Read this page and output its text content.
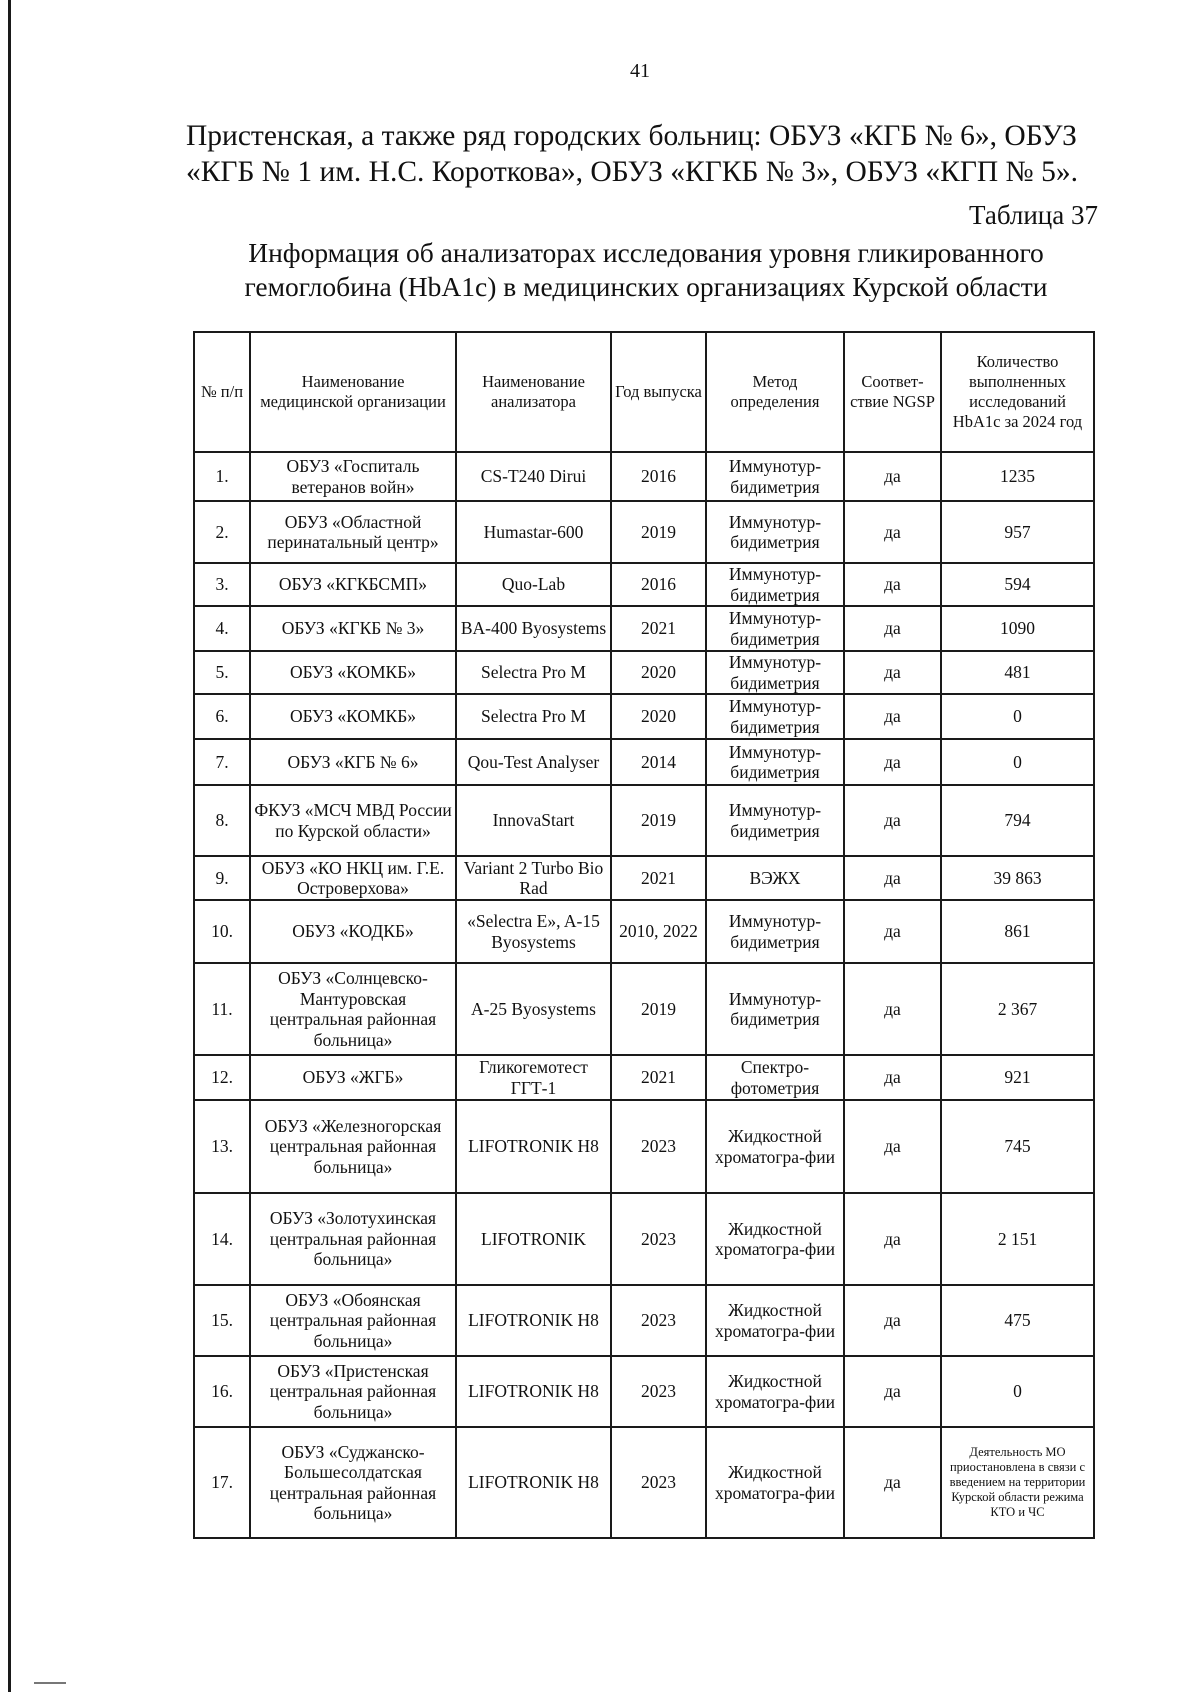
41
Пристенская, а также ряд городских больниц: ОБУЗ «КГБ № 6», ОБУЗ «КГБ № 1 им. Н.С. Короткова», ОБУЗ «КГКБ № 3», ОБУЗ «КГП № 5».
Таблица 37
Информация об анализаторах исследования уровня гликированного гемоглобина (HbA1c) в медицинских организациях Курской области
№ п/п	Наименование медицинской организации	Наименование анализатора	Год выпуска	Метод определения	Соответ-ствие NGSP	Количество выполненных исследований HbA1c за 2024 год
1.	ОБУЗ «Госпиталь ветеранов войн»	CS-T240 Dirui	2016	Иммунотур-бидиметрия	да	1235
2.	ОБУЗ «Областной перинатальный центр»	Humastar-600	2019	Иммунотур-бидиметрия	да	957
3.	ОБУЗ «КГКБСМП»	Quo-Lab	2016	Иммунотур-бидиметрия	да	594
4.	ОБУЗ «КГКБ № 3»	BA-400 Byosystems	2021	Иммунотур-бидиметрия	да	1090
5.	ОБУЗ «КОМКБ»	Selectra Pro M	2020	Иммунотур-бидиметрия	да	481
6.	ОБУЗ «КОМКБ»	Selectra Pro M	2020	Иммунотур-бидиметрия	да	0
7.	ОБУЗ «КГБ № 6»	Qou-Test Analyser	2014	Иммунотур-бидиметрия	да	0
8.	ФКУЗ «МСЧ МВД России по Курской области»	InnovaStart	2019	Иммунотур-бидиметрия	да	794
9.	ОБУЗ «КО НКЦ им. Г.Е. Островерхова»	Variant 2 Turbo Bio Rad	2021	ВЭЖХ	да	39 863
10.	ОБУЗ «КОДКБ»	«Selectra E», A-15 Byosystems	2010, 2022	Иммунотур-бидиметрия	да	861
11.	ОБУЗ «Солнцевско-Мантуровская центральная районная больница»	A-25 Byosystems	2019	Иммунотур-бидиметрия	да	2 367
12.	ОБУЗ «ЖГБ»	Гликогемотест ГГТ-1	2021	Спектро-фотометрия	да	921
13.	ОБУЗ «Железногорская центральная районная больница»	LIFOTRONIK H8	2023	Жидкостной хроматогра-фии	да	745
14.	ОБУЗ «Золотухинская центральная районная больница»	LIFOTRONIK	2023	Жидкостной хроматогра-фии	да	2 151
15.	ОБУЗ «Обоянская центральная районная больница»	LIFOTRONIK H8	2023	Жидкостной хроматогра-фии	да	475
16.	ОБУЗ «Пристенская центральная районная больница»	LIFOTRONIK H8	2023	Жидкостной хроматогра-фии	да	0
17.	ОБУЗ «Суджанско-Большесолдатская центральная районная больница»	LIFOTRONIK H8	2023	Жидкостной хроматогра-фии	да	Деятельность МО приостановлена в связи с введением на территории Курской области режима КТО и ЧС
